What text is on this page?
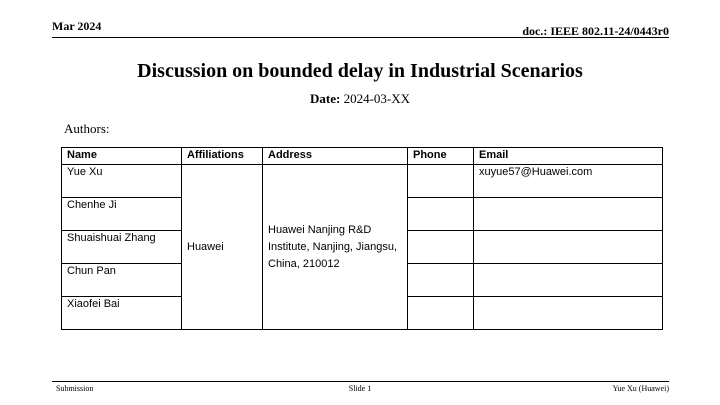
Mar 2024	doc.: IEEE 802.11-24/0443r0
Discussion on bounded delay in Industrial Scenarios
Date: 2024-03-XX
Authors:
Name	Affiliations	Address	Phone	Email
Yue Xu	Huawei	Huawei Nanjing R&D Institute, Nanjing, Jiangsu, China, 210012		xuyue57@Huawei.com
Chenhe Ji				
Shuaishuai Zhang				
Chun Pan				
Xiaofei Bai				
Submission	Slide 1	Yue Xu (Huawei)
